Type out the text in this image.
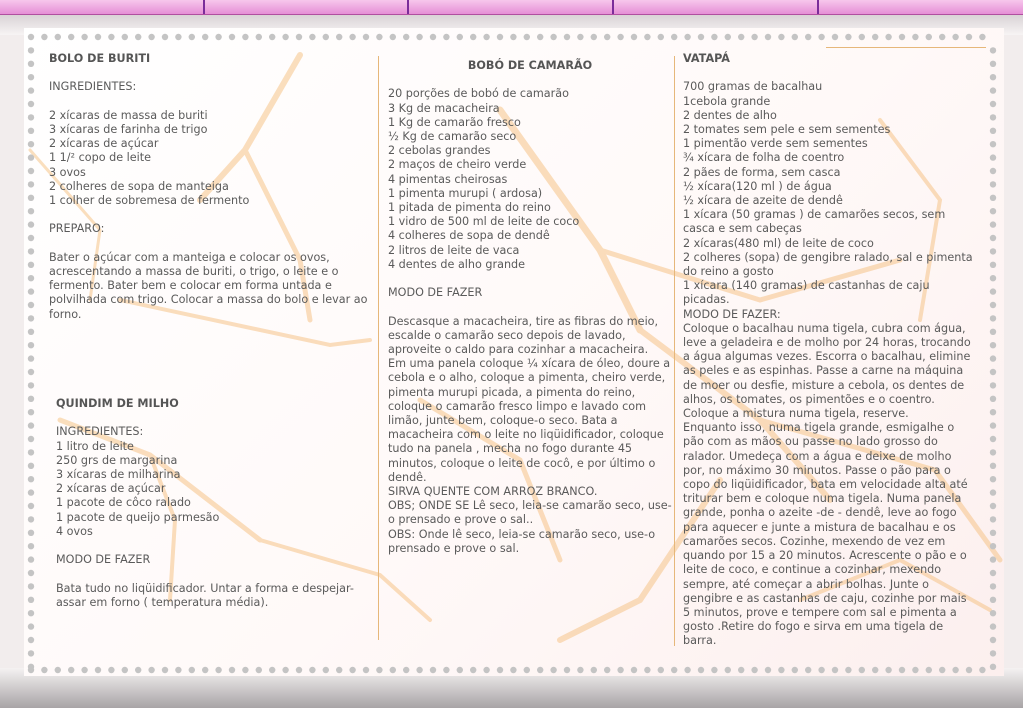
BOLO DE BURITI

INGREDIENTES:

2 xícaras de massa de buriti

3 xícaras de farinha de trigo

2 xícaras de açúcar

1 1/² copo de leite

3 ovos

2 colheres de sopa de manteiga

1 colher de sobremesa de fermento

PREPARO:

Bater o açúcar com a manteiga e colocar os ovos, acrescentando a massa de buriti, o trigo, o leite e o fermento. Bater bem e colocar em forma untada e polvilhada com trigo. Colocar a massa do bolo e levar ao forno.

QUINDIM DE MILHO

INGREDIENTES:

1 litro de leite

250 grs de margarina

3 xícaras de milharina

2 xícaras de açúcar

1 pacote de côco ralado

1 pacote de queijo parmesão

4 ovos

MODO DE FAZER

Bata tudo no liqüidificador. Untar a forma e despejar- assar em forno ( temperatura média).

BOBÓ DE CAMARÃO

20 porções de bobó de camarão

3 Kg de macacheira

1 Kg de camarão fresco

½ Kg de camarão seco

2 cebolas grandes

2 maços de cheiro verde

4 pimentas cheirosas

1 pimenta murupi ( ardosa)

1 pitada de pimenta do reino

1 vidro de 500 ml de leite de coco

4 colheres de sopa de dendê

2 litros de leite de vaca

4 dentes de alho grande

MODO DE FAZER

Descasque a macacheira, tire as fibras do meio, escalde o camarão seco depois de lavado, aproveite o caldo para cozinhar a macacheira.

Em uma panela coloque ¼ xícara de óleo, doure a cebola e o alho, coloque a pimenta, cheiro verde, pimenta murupi picada, a pimenta do reino, coloque o camarão fresco limpo e lavado com limão, junte bem, coloque-o seco. Bata a macacheira com o leite no liqüidificador, coloque tudo na panela , mecha no fogo durante 45 minutos, coloque o leite de cocô, e por último o dendê.

SIRVA QUENTE COM ARROZ BRANCO.

OBS; ONDE SE Lê seco, leia-se camarão seco, use-o prensado e prove o sal..

OBS: Onde lê seco, leia-se camarão seco, use-o prensado e prove o sal.

VATAPÁ

700 gramas de bacalhau

1cebola grande

2 dentes de alho

2 tomates sem pele e sem sementes

1 pimentão verde sem sementes

¾ xícara de folha de coentro

2 pães de forma, sem casca

½ xícara(120 ml ) de água

½ xícara de azeite de dendê

1 xícara (50 gramas ) de camarões secos, sem casca e sem cabeças

2 xícaras(480 ml) de leite de coco

2 colheres (sopa) de gengibre ralado, sal e pimenta do reino a gosto

1 xícara (140 gramas) de castanhas de caju picadas.

MODO DE FAZER:

Coloque o bacalhau numa tigela, cubra com água, leve a geladeira e de molho por 24 horas, trocando a água algumas vezes. Escorra o bacalhau, elimine as peles e as espinhas. Passe a carne na máquina de moer ou desfie, misture a cebola, os dentes de alhos, os tomates, os pimentões e o coentro. Coloque a mistura numa tigela, reserve.

Enquanto isso, numa tigela grande, esmigalhe o pão com as mãos ou passe no lado grosso do ralador. Umedeça com a água e deixe de molho por, no máximo 30 minutos. Passe o pão para o copo do liqüidificador, bata em velocidade alta até triturar bem e coloque numa tigela. Numa panela grande, ponha o azeite -de - dendê, leve ao fogo para aquecer e junte a mistura de bacalhau e os camarões secos. Cozinhe, mexendo de vez em quando por 15 a 20 minutos. Acrescente o pão e o leite de coco, e continue a cozinhar, mexendo sempre, até começar a abrir bolhas. Junte o gengibre e as castanhas de caju, cozinhe por mais 5 minutos, prove e tempere com sal e pimenta a gosto .Retire do fogo e sirva em uma tigela de barra.
